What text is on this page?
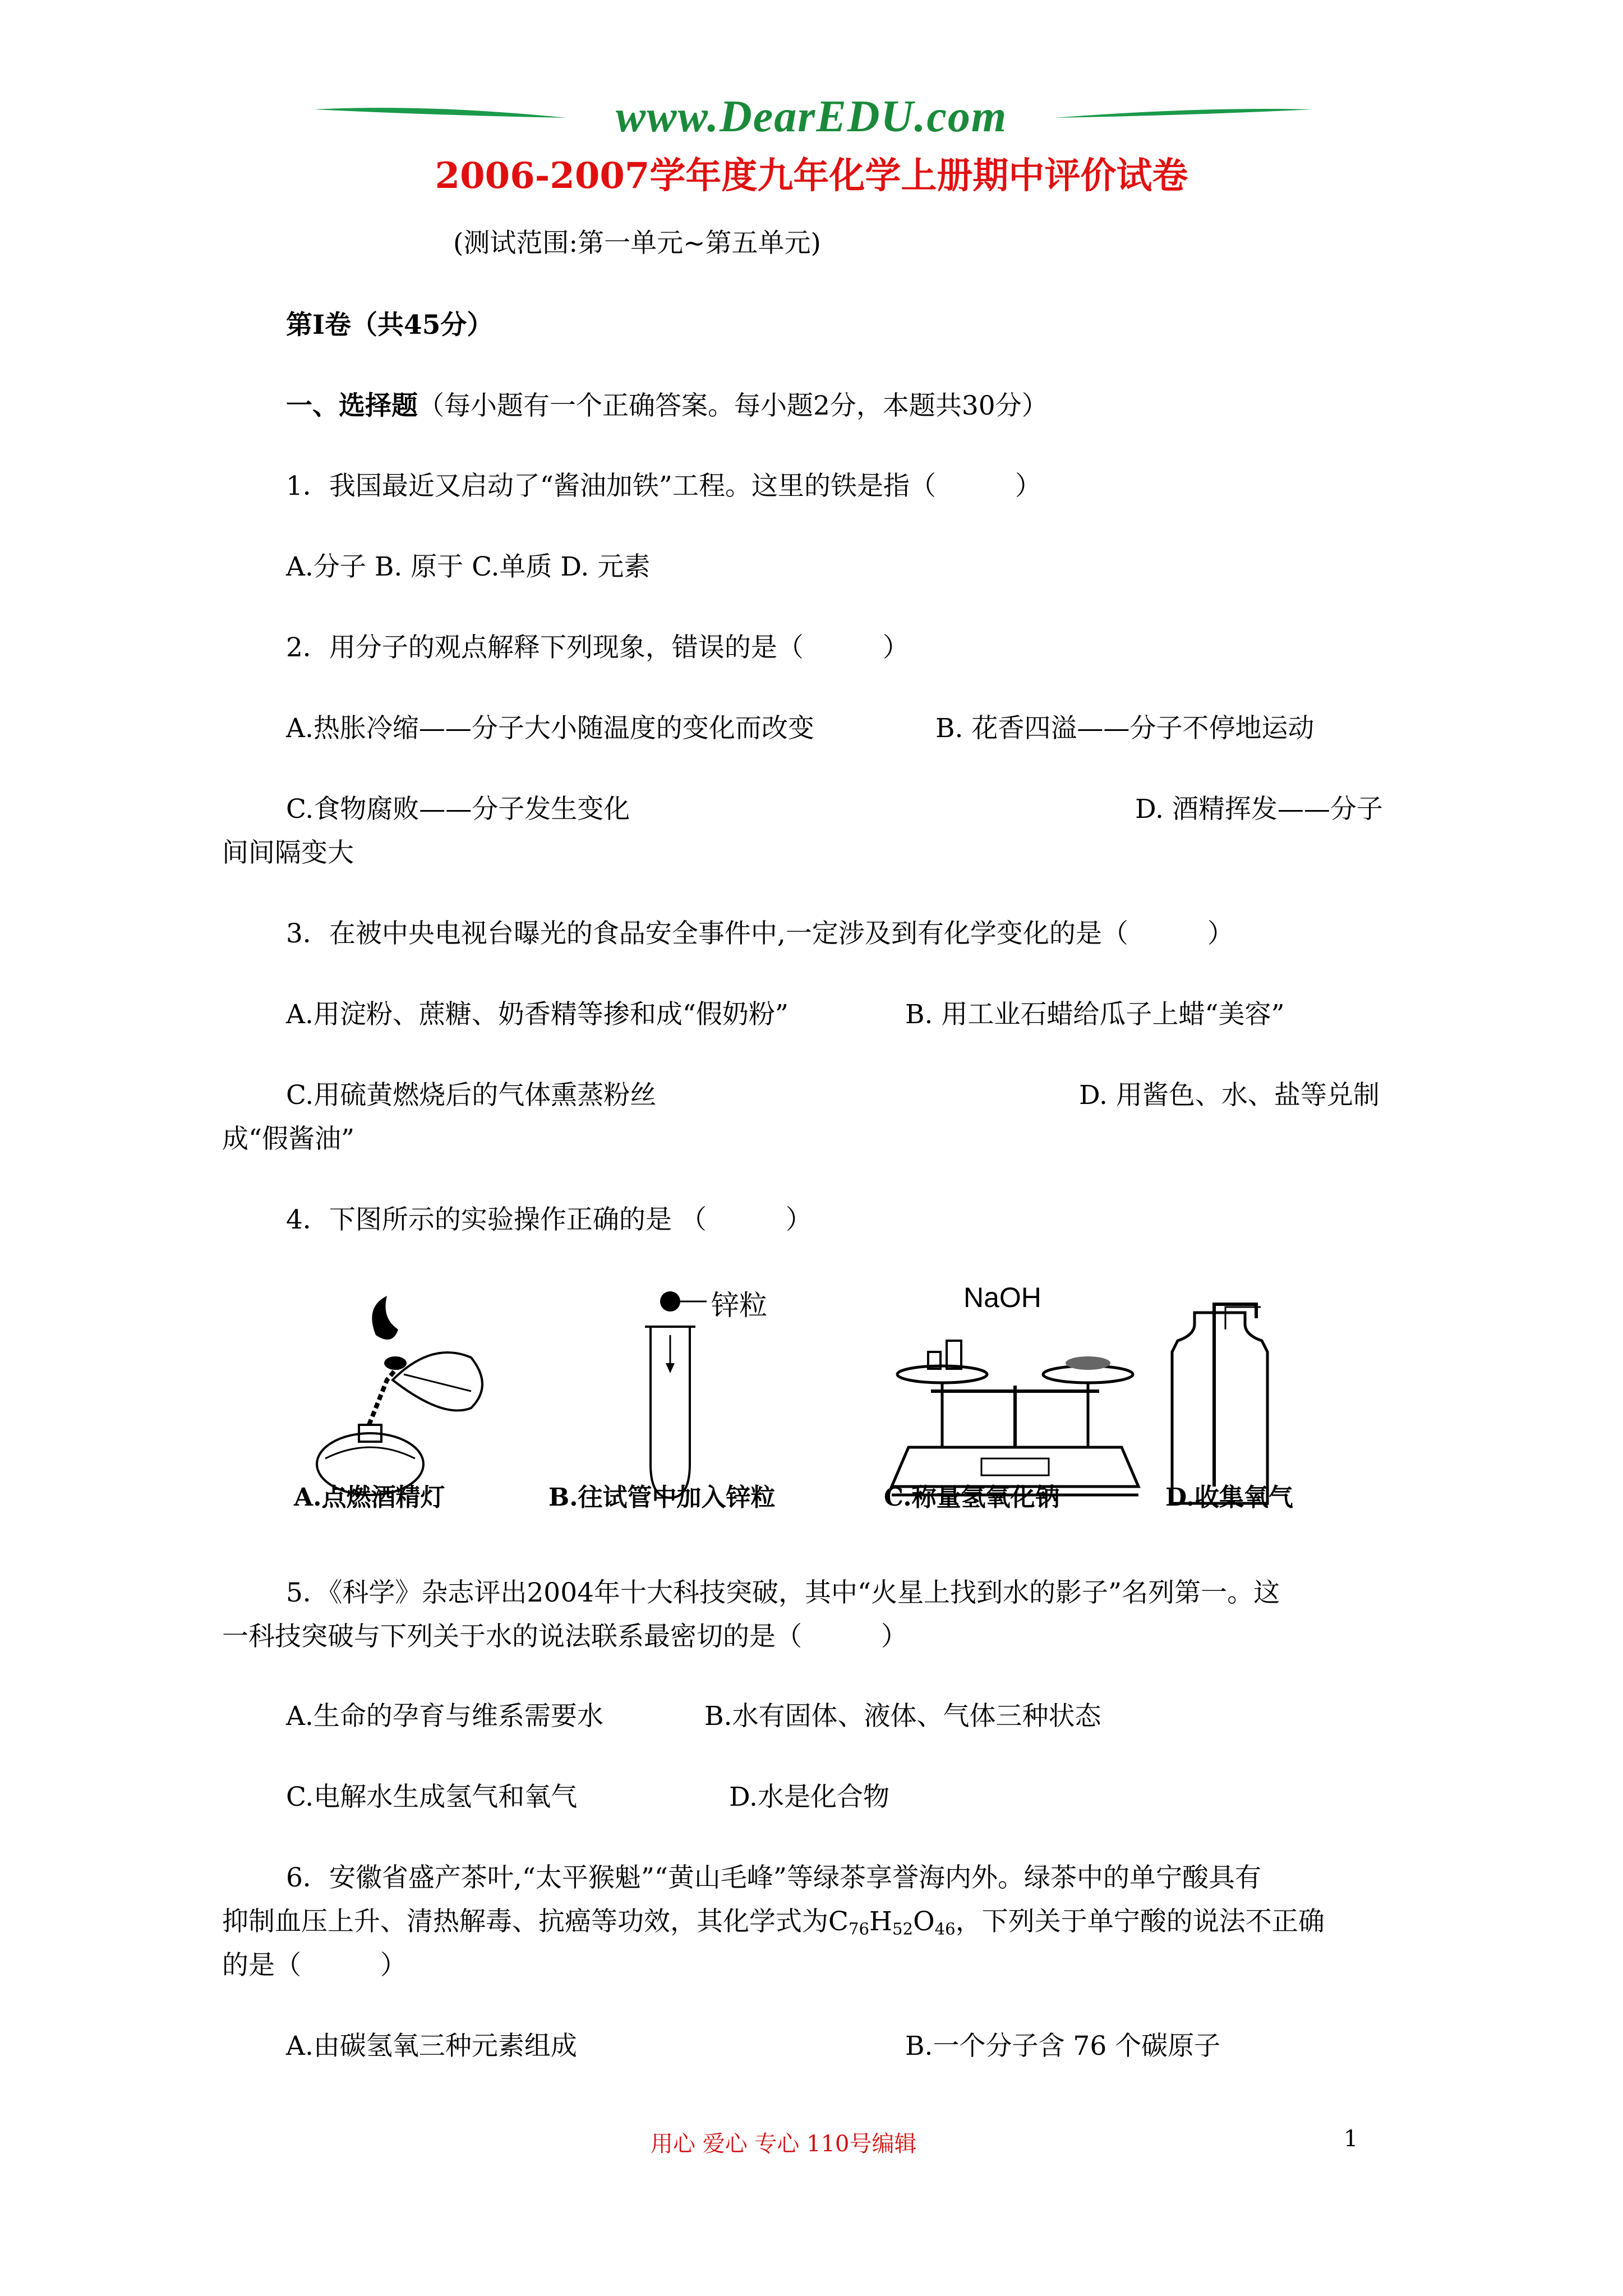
www.DearEDU.com
2006-2007学年度九年化学上册期中评价试卷
(测试范围:第一单元~第五单元)
第Ⅰ卷（共45分）
一、选择题（每小题有一个正确答案。每小题2分，本题共30分）
1．我国最近又启动了“酱油加铁”工程。这里的铁是指（　　　）
A.分子 B. 原于 C.单质 D. 元素
2．用分子的观点解释下列现象，错误的是（　　　）
A.热胀冷缩——分子大小随温度的变化而改变	B. 花香四溢——分子不停地运动
C.食物腐败——分子发生变化	D. 酒精挥发——分子
间间隔变大
3．在被中央电视台曝光的食品安全事件中,一定涉及到有化学变化的是（　　　）
A.用淀粉、蔗糖、奶香精等掺和成“假奶粉”	B. 用工业石蜡给瓜子上蜡“美容”
C.用硫黄燃烧后的气体熏蒸粉丝	D. 用酱色、水、盐等兑制
成“假酱油”
4．下图所示的实验操作正确的是 （　　　）
A.点燃酒精灯
锌粒
B.往试管中加入锌粒
NaOH
C.称量氢氧化钠	D.收集氧气
5．《科学》杂志评出2004年十大科技突破，其中“火星上找到水的影子”名列第一。这
一科技突破与下列关于水的说法联系最密切的是（　　　）
A.生命的孕育与维系需要水	B.水有固体、液体、气体三种状态
C.电解水生成氢气和氧气	D.水是化合物
6．安徽省盛产茶叶,“太平猴魁”“黄山毛峰”等绿茶享誉海内外。绿茶中的单宁酸具有
抑制血压上升、清热解毒、抗癌等功效，其化学式为$C_{76}H_{52}O_{46}$，下列关于单宁酸的说法不正确
的是（　　　）
A.由碳氢氧三种元素组成	B.一个分子含 76 个碳原子
用心 爱心 专心 110号编辑	1
